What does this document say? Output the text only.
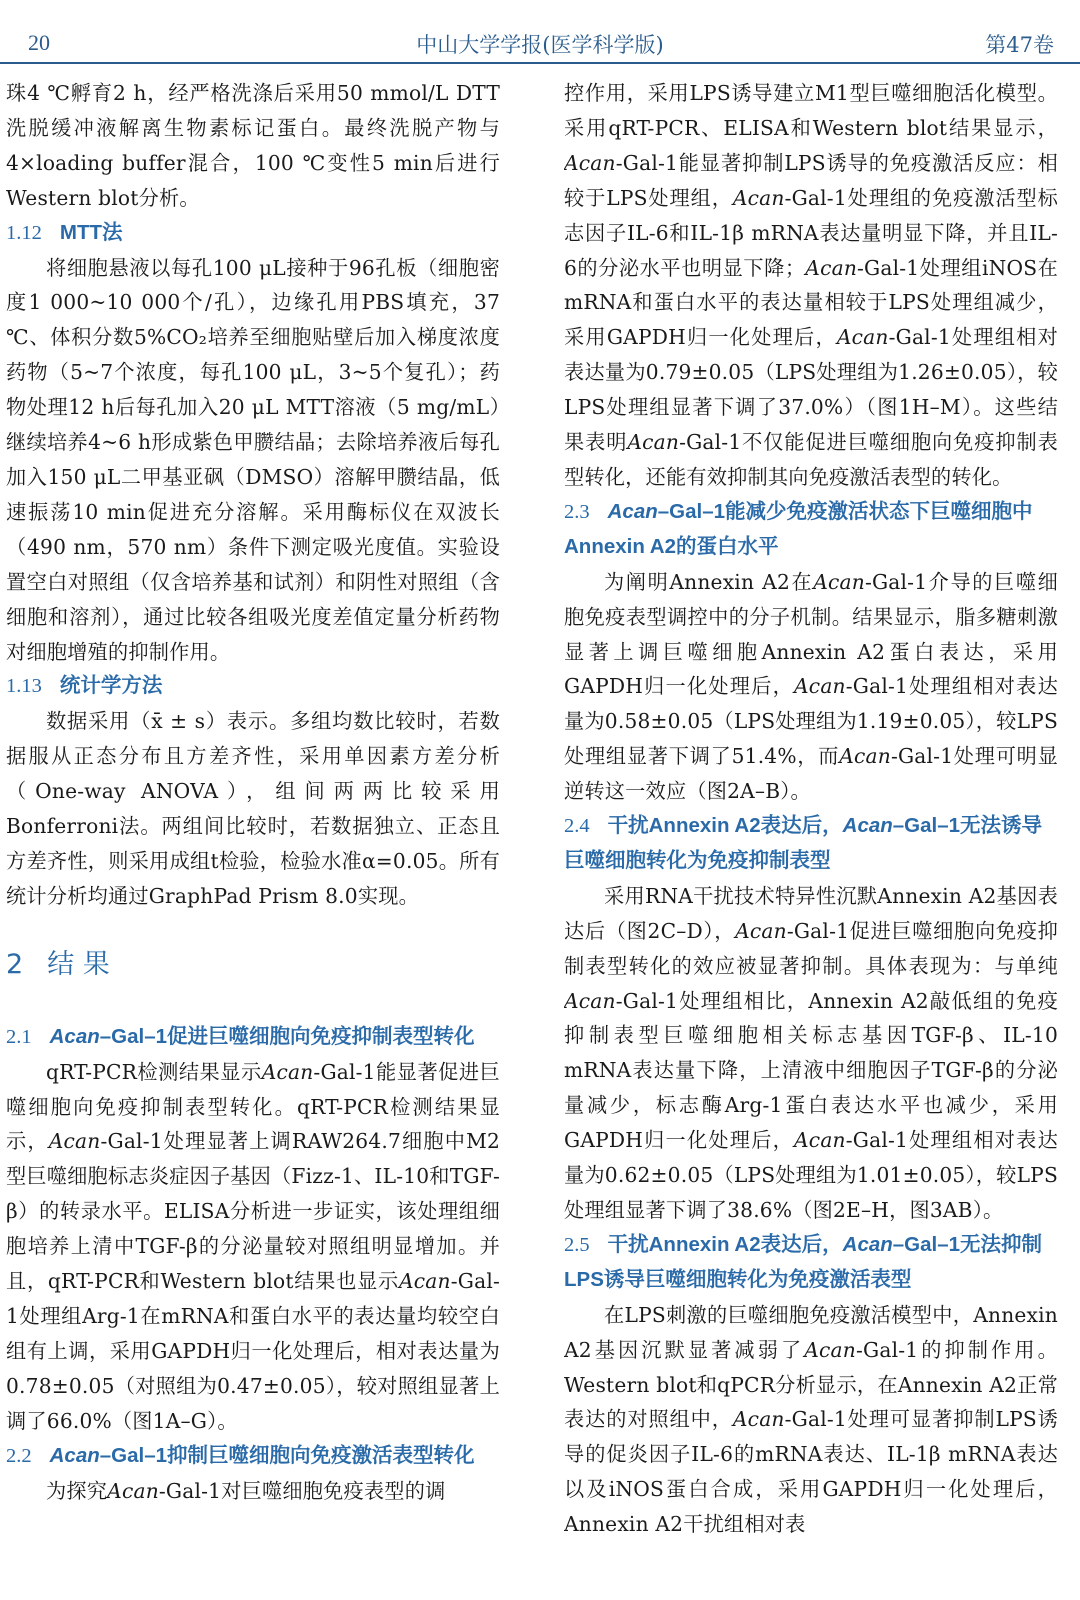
20	中山大学学报(医学科学版)	第47卷

珠4 ℃孵育2 h，经严格洗涤后采用50 mmol/L DTT洗脱缓冲液解离生物素标记蛋白。最终洗脱产物与4×loading buffer混合，100 ℃变性5 min后进行Western blot分析。

1.12 MTT法

将细胞悬液以每孔100 μL接种于96孔板（细胞密度1 000~10 000个/孔），边缘孔用PBS填充，37 ℃、体积分数5%CO₂培养至细胞贴壁后加入梯度浓度药物（5~7个浓度，每孔100 μL，3~5个复孔）；药物处理12 h后每孔加入20 μL MTT溶液（5 mg/mL）继续培养4~6 h形成紫色甲臜结晶；去除培养液后每孔加入150 μL二甲基亚砜（DMSO）溶解甲臜结晶，低速振荡10 min促进充分溶解。采用酶标仪在双波长（490 nm，570 nm）条件下测定吸光度值。实验设置空白对照组（仅含培养基和试剂）和阴性对照组（含细胞和溶剂），通过比较各组吸光度差值定量分析药物对细胞增殖的抑制作用。

1.13 统计学方法

数据采用（x̄ ± s）表示。多组均数比较时，若数据服从正态分布且方差齐性，采用单因素方差分析（One-way ANOVA），组间两两比较采用Bonferroni法。两组间比较时，若数据独立、正态且方差齐性，则采用成组t检验，检验水准α=0.05。所有统计分析均通过GraphPad Prism 8.0实现。

2 结 果

2.1 Acan–Gal–1促进巨噬细胞向免疫抑制表型转化

qRT-PCR检测结果显示Acan-Gal-1能显著促进巨噬细胞向免疫抑制表型转化。qRT-PCR检测结果显示，Acan-Gal-1处理显著上调RAW264.7细胞中M2型巨噬细胞标志炎症因子基因（Fizz-1、IL-10和TGF-β）的转录水平。ELISA分析进一步证实，该处理组细胞培养上清中TGF-β的分泌量较对照组明显增加。并且，qRT-PCR和Western blot结果也显示Acan-Gal-1处理组Arg-1在mRNA和蛋白水平的表达量均较空白组有上调，采用GAPDH归一化处理后，相对表达量为0.78±0.05（对照组为0.47±0.05），较对照组显著上调了66.0%（图1A–G）。

2.2 Acan–Gal–1抑制巨噬细胞向免疫激活表型转化

为探究Acan-Gal-1对巨噬细胞免疫表型的调

控作用，采用LPS诱导建立M1型巨噬细胞活化模型。采用qRT-PCR、ELISA和Western blot结果显示，Acan-Gal-1能显著抑制LPS诱导的免疫激活反应：相较于LPS处理组，Acan-Gal-1处理组的免疫激活型标志因子IL-6和IL-1β mRNA表达量明显下降，并且IL-6的分泌水平也明显下降；Acan-Gal-1处理组iNOS在mRNA和蛋白水平的表达量相较于LPS处理组减少，采用GAPDH归一化处理后，Acan-Gal-1处理组相对表达量为0.79±0.05（LPS处理组为1.26±0.05），较LPS处理组显著下调了37.0%）（图1H–M）。这些结果表明Acan-Gal-1不仅能促进巨噬细胞向免疫抑制表型转化，还能有效抑制其向免疫激活表型的转化。

2.3 Acan–Gal–1能减少免疫激活状态下巨噬细胞中Annexin A2的蛋白水平

为阐明Annexin A2在Acan-Gal-1介导的巨噬细胞免疫表型调控中的分子机制。结果显示，脂多糖刺激显著上调巨噬细胞Annexin A2蛋白表达，采用GAPDH归一化处理后，Acan-Gal-1处理组相对表达量为0.58±0.05（LPS处理组为1.19±0.05），较LPS处理组显著下调了51.4%，而Acan-Gal-1处理可明显逆转这一效应（图2A–B）。

2.4 干扰Annexin A2表达后，Acan–Gal–1无法诱导巨噬细胞转化为免疫抑制表型

采用RNA干扰技术特异性沉默Annexin A2基因表达后（图2C–D），Acan-Gal-1促进巨噬细胞向免疫抑制表型转化的效应被显著抑制。具体表现为：与单纯Acan-Gal-1处理组相比，Annexin A2敲低组的免疫抑制表型巨噬细胞相关标志基因TGF-β、IL-10 mRNA表达量下降，上清液中细胞因子TGF-β的分泌量减少，标志酶Arg-1蛋白表达水平也减少，采用GAPDH归一化处理后，Acan-Gal-1处理组相对表达量为0.62±0.05（LPS处理组为1.01±0.05），较LPS处理组显著下调了38.6%（图2E–H，图3AB）。

2.5 干扰Annexin A2表达后，Acan–Gal–1无法抑制LPS诱导巨噬细胞转化为免疫激活表型

在LPS刺激的巨噬细胞免疫激活模型中，Annexin A2基因沉默显著减弱了Acan-Gal-1的抑制作用。Western blot和qPCR分析显示，在Annexin A2正常表达的对照组中，Acan-Gal-1处理可显著抑制LPS诱导的促炎因子IL-6的mRNA表达、IL-1β mRNA表达以及iNOS蛋白合成，采用GAPDH归一化处理后，Annexin A2干扰组相对表
